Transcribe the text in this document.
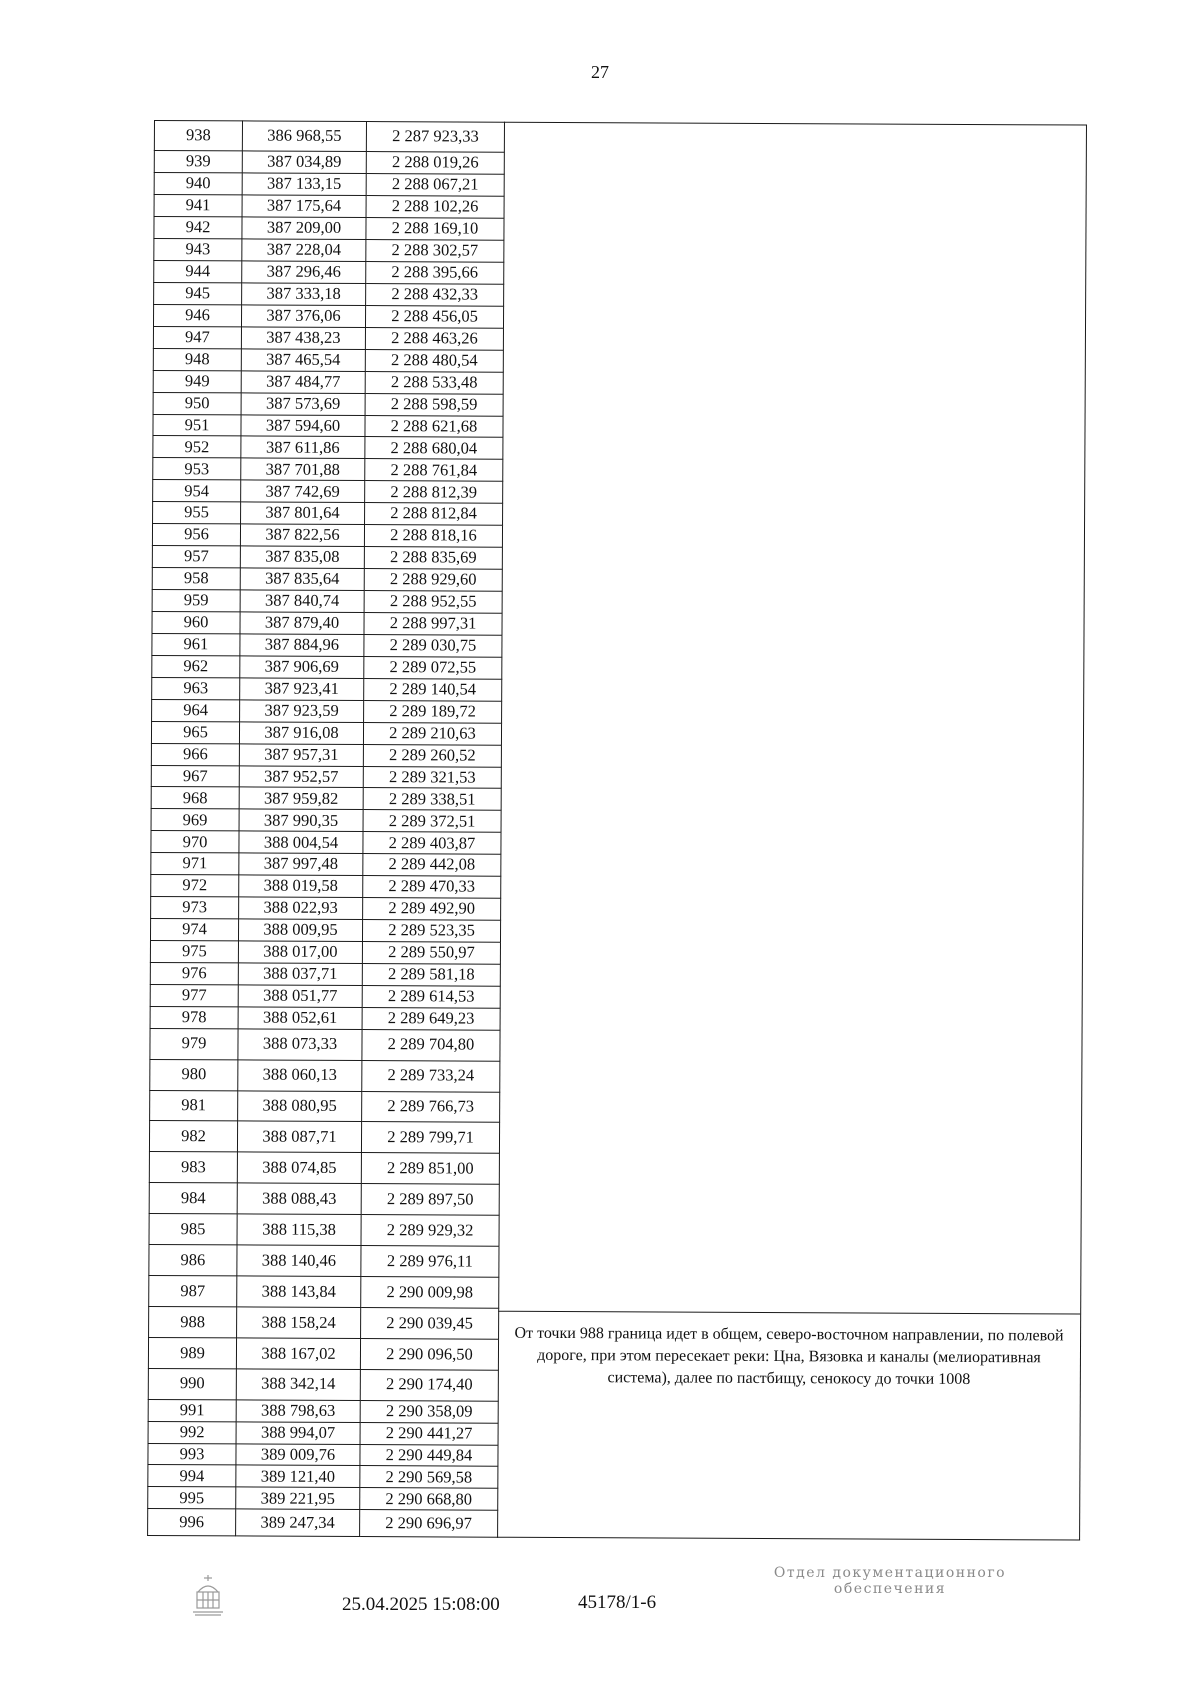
27
938	386 968,55	2 287 923,33
939	387 034,89	2 288 019,26
940	387 133,15	2 288 067,21
941	387 175,64	2 288 102,26
942	387 209,00	2 288 169,10
943	387 228,04	2 288 302,57
944	387 296,46	2 288 395,66
945	387 333,18	2 288 432,33
946	387 376,06	2 288 456,05
947	387 438,23	2 288 463,26
948	387 465,54	2 288 480,54
949	387 484,77	2 288 533,48
950	387 573,69	2 288 598,59
951	387 594,60	2 288 621,68
952	387 611,86	2 288 680,04
953	387 701,88	2 288 761,84
954	387 742,69	2 288 812,39
955	387 801,64	2 288 812,84
956	387 822,56	2 288 818,16
957	387 835,08	2 288 835,69
958	387 835,64	2 288 929,60
959	387 840,74	2 288 952,55
960	387 879,40	2 288 997,31
961	387 884,96	2 289 030,75
962	387 906,69	2 289 072,55
963	387 923,41	2 289 140,54
964	387 923,59	2 289 189,72
965	387 916,08	2 289 210,63
966	387 957,31	2 289 260,52
967	387 952,57	2 289 321,53
968	387 959,82	2 289 338,51
969	387 990,35	2 289 372,51
970	388 004,54	2 289 403,87
971	387 997,48	2 289 442,08
972	388 019,58	2 289 470,33
973	388 022,93	2 289 492,90
974	388 009,95	2 289 523,35
975	388 017,00	2 289 550,97
976	388 037,71	2 289 581,18
977	388 051,77	2 289 614,53
978	388 052,61	2 289 649,23
979	388 073,33	2 289 704,80
980	388 060,13	2 289 733,24
981	388 080,95	2 289 766,73
982	388 087,71	2 289 799,71
983	388 074,85	2 289 851,00
984	388 088,43	2 289 897,50
985	388 115,38	2 289 929,32
986	388 140,46	2 289 976,11
987	388 143,84	2 290 009,98
988	388 158,24	2 290 039,45
989	388 167,02	2 290 096,50
990	388 342,14	2 290 174,40
991	388 798,63	2 290 358,09
992	388 994,07	2 290 441,27
993	389 009,76	2 290 449,84
994	389 121,40	2 290 569,58
995	389 221,95	2 290 668,80
996	389 247,34	2 290 696,97
От точки 988 граница идет в общем, северо-восточном направлении, по полевой дороге, при этом пересекает реки: Цна, Вязовка и каналы (мелиоративная система), далее по пастбищу, сенокосу до точки 1008
25.04.2025 15:08:00	45178/1-6
Отдел документационного
обеспечения
